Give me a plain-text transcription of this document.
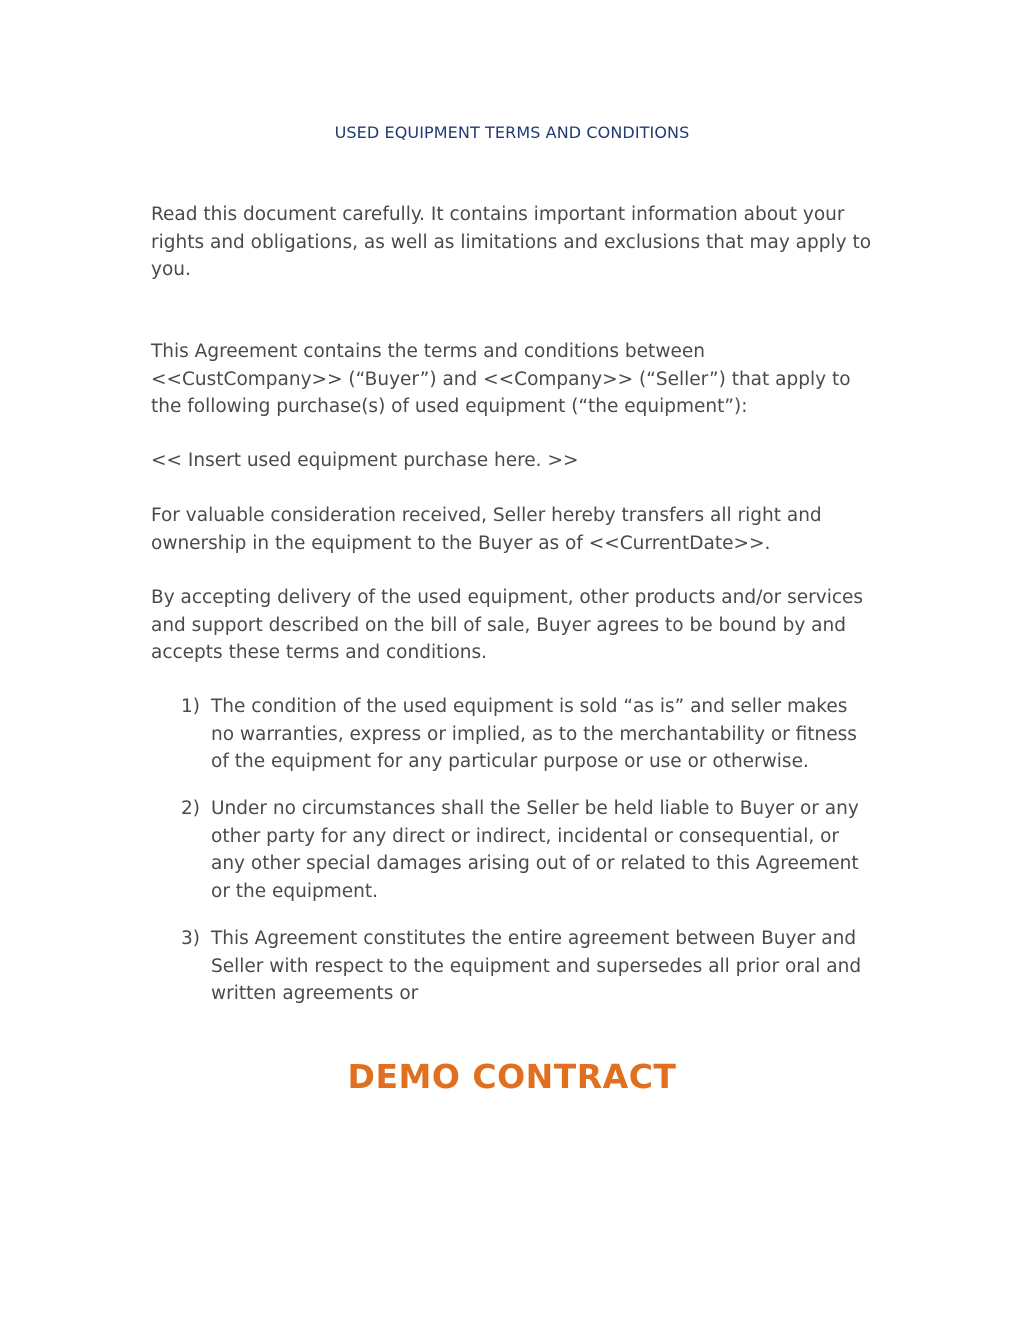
USED EQUIPMENT TERMS AND CONDITIONS

Read this document carefully. It contains important information about your rights and obligations, as well as limitations and exclusions that may apply to you.

This Agreement contains the terms and conditions between <<CustCompany>> (“Buyer”) and <<Company>> (“Seller”) that apply to the following purchase(s) of used equipment (“the equipment”):

<< Insert used equipment purchase here. >>

For valuable consideration received, Seller hereby transfers all right and ownership in the equipment to the Buyer as of <<CurrentDate>>.

By accepting delivery of the used equipment, other products and/or services and support described on the bill of sale, Buyer agrees to be bound by and accepts these terms and conditions.

1) The condition of the used equipment is sold “as is” and seller makes no warranties, express or implied, as to the merchantability or fitness of the equipment for any particular purpose or use or otherwise.
2) Under no circumstances shall the Seller be held liable to Buyer or any other party for any direct or indirect, incidental or consequential, or any other special damages arising out of or related to this Agreement or the equipment.
3) This Agreement constitutes the entire agreement between Buyer and Seller with respect to the equipment and supersedes all prior oral and written agreements or
DEMO CONTRACT
